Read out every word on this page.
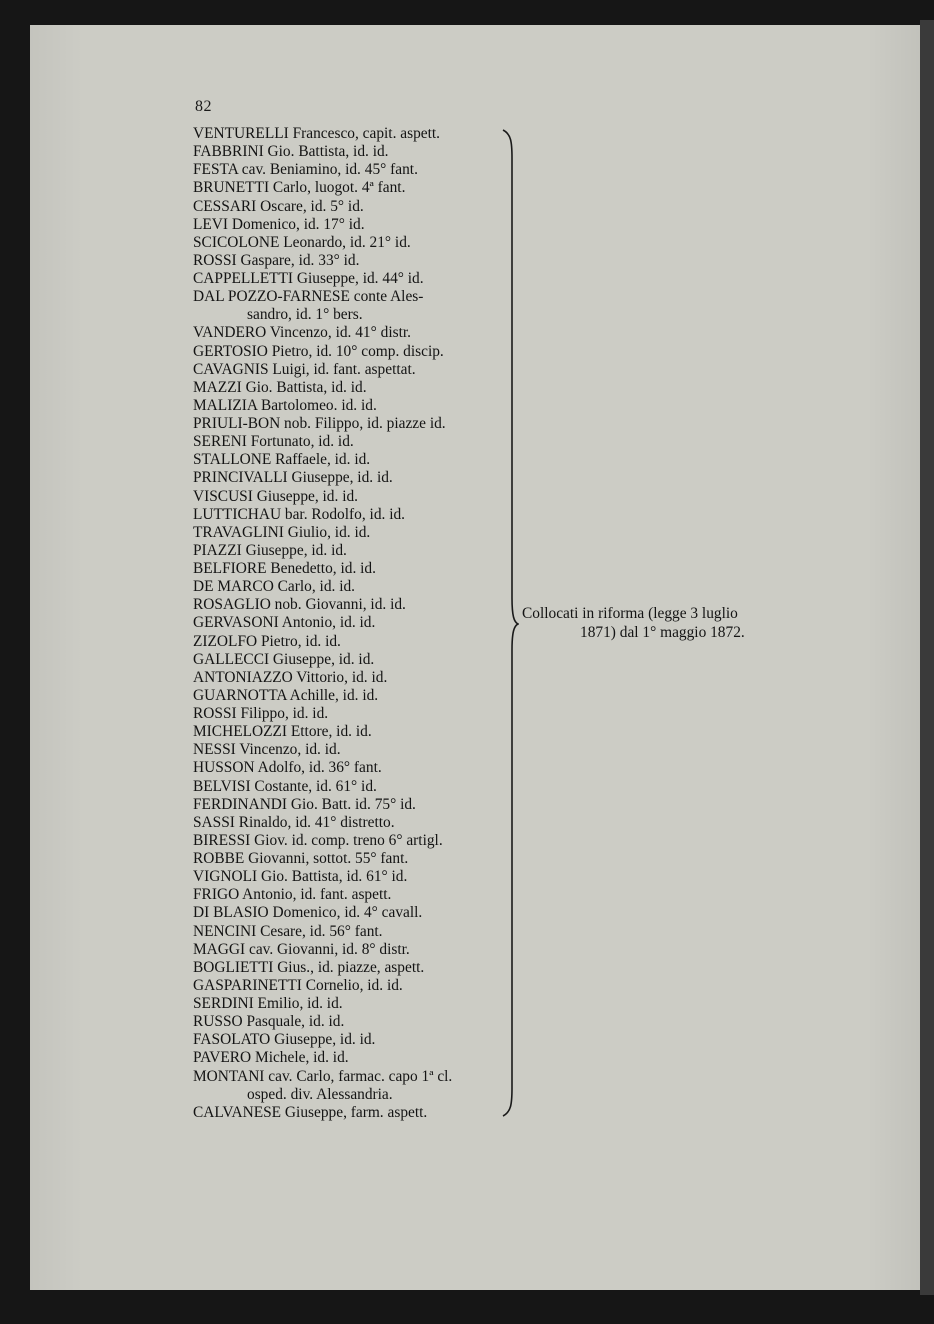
82
VENTURELLI Francesco, capit. aspett.
FABBRINI Gio. Battista, id. id.
FESTA cav. Beniamino, id. 45° fant.
BRUNETTI Carlo, luogot. 4ª fant.
CESSARI Oscare, id. 5° id.
LEVI Domenico, id. 17° id.
SCICOLONE Leonardo, id. 21° id.
ROSSI Gaspare, id. 33° id.
CAPPELLETTI Giuseppe, id. 44° id.
DAL POZZO-FARNESE conte Ales-
sandro, id. 1° bers.
VANDERO Vincenzo, id. 41° distr.
GERTOSIO Pietro, id. 10° comp. discip.
CAVAGNIS Luigi, id. fant. aspettat.
MAZZI Gio. Battista, id. id.
MALIZIA Bartolomeo. id. id.
PRIULI-BON nob. Filippo, id. piazze id.
SERENI Fortunato, id. id.
STALLONE Raffaele, id. id.
PRINCIVALLI Giuseppe, id. id.
VISCUSI Giuseppe, id. id.
LUTTICHAU bar. Rodolfo, id. id.
TRAVAGLINI Giulio, id. id.
PIAZZI Giuseppe, id. id.
BELFIORE Benedetto, id. id.
DE MARCO Carlo, id. id.
ROSAGLIO nob. Giovanni, id. id.
GERVASONI Antonio, id. id.
ZIZOLFO Pietro, id. id.
GALLECCI Giuseppe, id. id.
ANTONIAZZO Vittorio, id. id.
GUARNOTTA Achille, id. id.
ROSSI Filippo, id. id.
MICHELOZZI Ettore, id. id.
NESSI Vincenzo, id. id.
HUSSON Adolfo, id. 36° fant.
BELVISI Costante, id. 61° id.
FERDINANDI Gio. Batt. id. 75° id.
SASSI Rinaldo, id. 41° distretto.
BIRESSI Giov. id. comp. treno 6° artigl.
ROBBE Giovanni, sottot. 55° fant.
VIGNOLI Gio. Battista, id. 61° id.
FRIGO Antonio, id. fant. aspett.
DI BLASIO Domenico, id. 4° cavall.
NENCINI Cesare, id. 56° fant.
MAGGI cav. Giovanni, id. 8° distr.
BOGLIETTI Gius., id. piazze, aspett.
GASPARINETTI Cornelio, id. id.
SERDINI Emilio, id. id.
RUSSO Pasquale, id. id.
FASOLATO Giuseppe, id. id.
PAVERO Michele, id. id.
MONTANI cav. Carlo, farmac. capo 1ª cl.
osped. div. Alessandria.
CALVANESE Giuseppe, farm. aspett.
Collocati in riforma (legge 3 luglio
1871) dal 1° maggio 1872.
